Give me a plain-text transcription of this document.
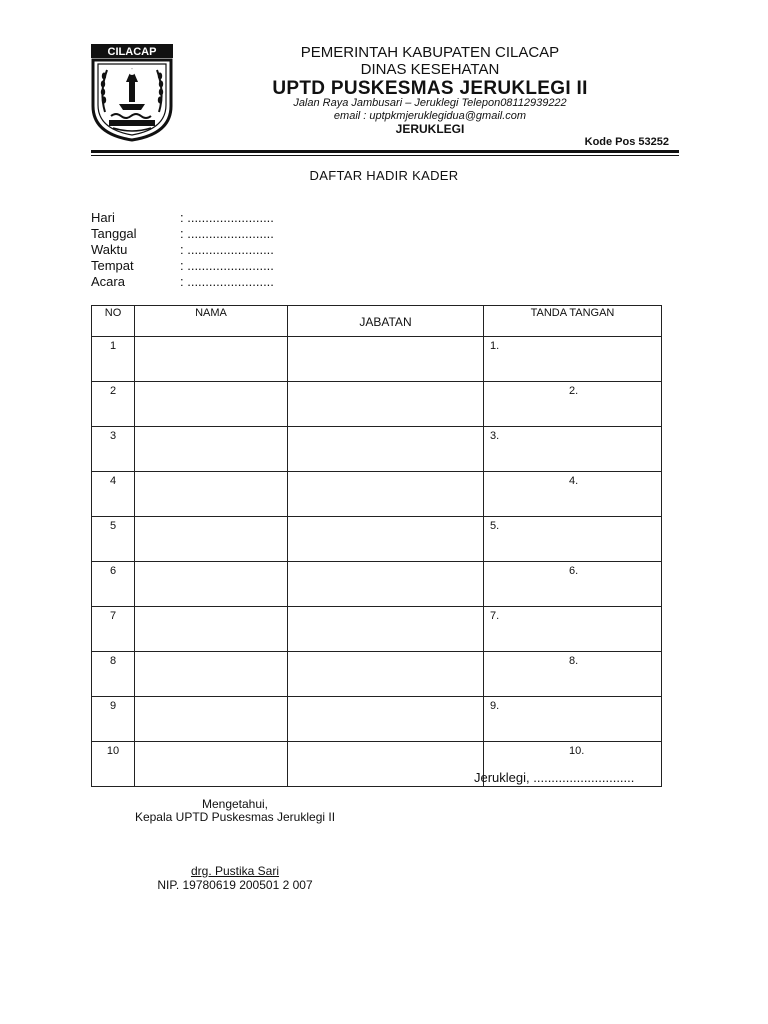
CILACAP	PEMERINTAH KABUPATEN CILACAP
DINAS KESEHATAN
UPTD PUSKESMAS JERUKLEGI II
Jalan Raya Jambusari – Jeruklegi Telepon08112939222
email : uptpkmjeruklegidua@gmail.com
JERUKLEGI
Kode Pos 53252
DAFTAR HADIR KADER
Hari	: ........................
Tanggal	: ........................
Waktu	: ........................
Tempat	: ........................
Acara	: ........................
NO	NAMA	JABATAN	TANDA TANGAN
1			1.

2			2.

3			3.

4			4.

5			5.

6			6.

7			7.

8			8.

9			9.

10			10.
Jeruklegi, ............................
Mengetahui,
Kepala UPTD Puskesmas Jeruklegi II
drg. Pustika Sari
NIP. 19780619 200501 2 007
